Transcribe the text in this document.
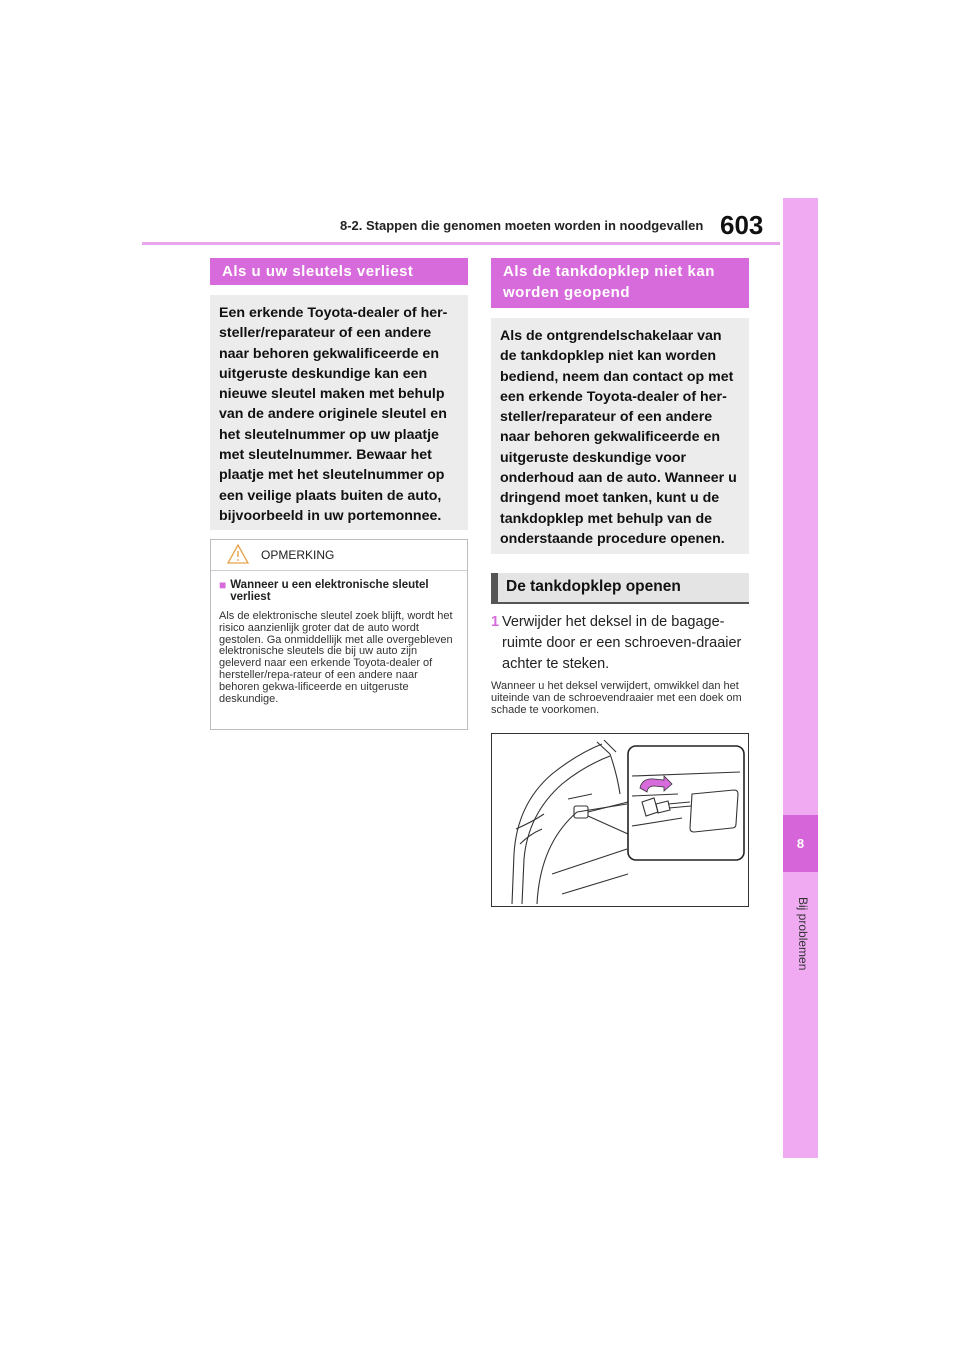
8-2. Stappen die genomen moeten worden in noodgevallen 603
8
Bij problemen
Als u uw sleutels verliest
Een erkende Toyota-dealer of her-steller/reparateur of een andere naar behoren gekwalificeerde en uitgeruste deskundige kan een nieuwe sleutel maken met behulp van de andere originele sleutel en het sleutelnummer op uw plaatje met sleutelnummer. Bewaar het plaatje met het sleutelnummer op een veilige plaats buiten de auto, bijvoorbeeld in uw portemonnee.
OPMERKING
■ Wanneer u een elektronische sleutel verliest
Als de elektronische sleutel zoek blijft, wordt het risico aanzienlijk groter dat de auto wordt gestolen. Ga onmiddellijk met alle overgebleven elektronische sleutels die bij uw auto zijn geleverd naar een erkende Toyota-dealer of hersteller/repa-rateur of een andere naar behoren gekwa-lificeerde en uitgeruste deskundige.
Als de tankdopklep niet kan worden geopend
Als de ontgrendelschakelaar van de tankdopklep niet kan worden bediend, neem dan contact op met een erkende Toyota-dealer of her-steller/reparateur of een andere naar behoren gekwalificeerde en uitgeruste deskundige voor onderhoud aan de auto. Wanneer u dringend moet tanken, kunt u de tankdopklep met behulp van de onderstaande procedure openen.
De tankdopklep openen
1 Verwijder het deksel in de bagage-ruimte door er een schroeven-draaier achter te steken.
Wanneer u het deksel verwijdert, omwikkel dan het uiteinde van de schroevendraaier met een doek om schade te voorkomen.
